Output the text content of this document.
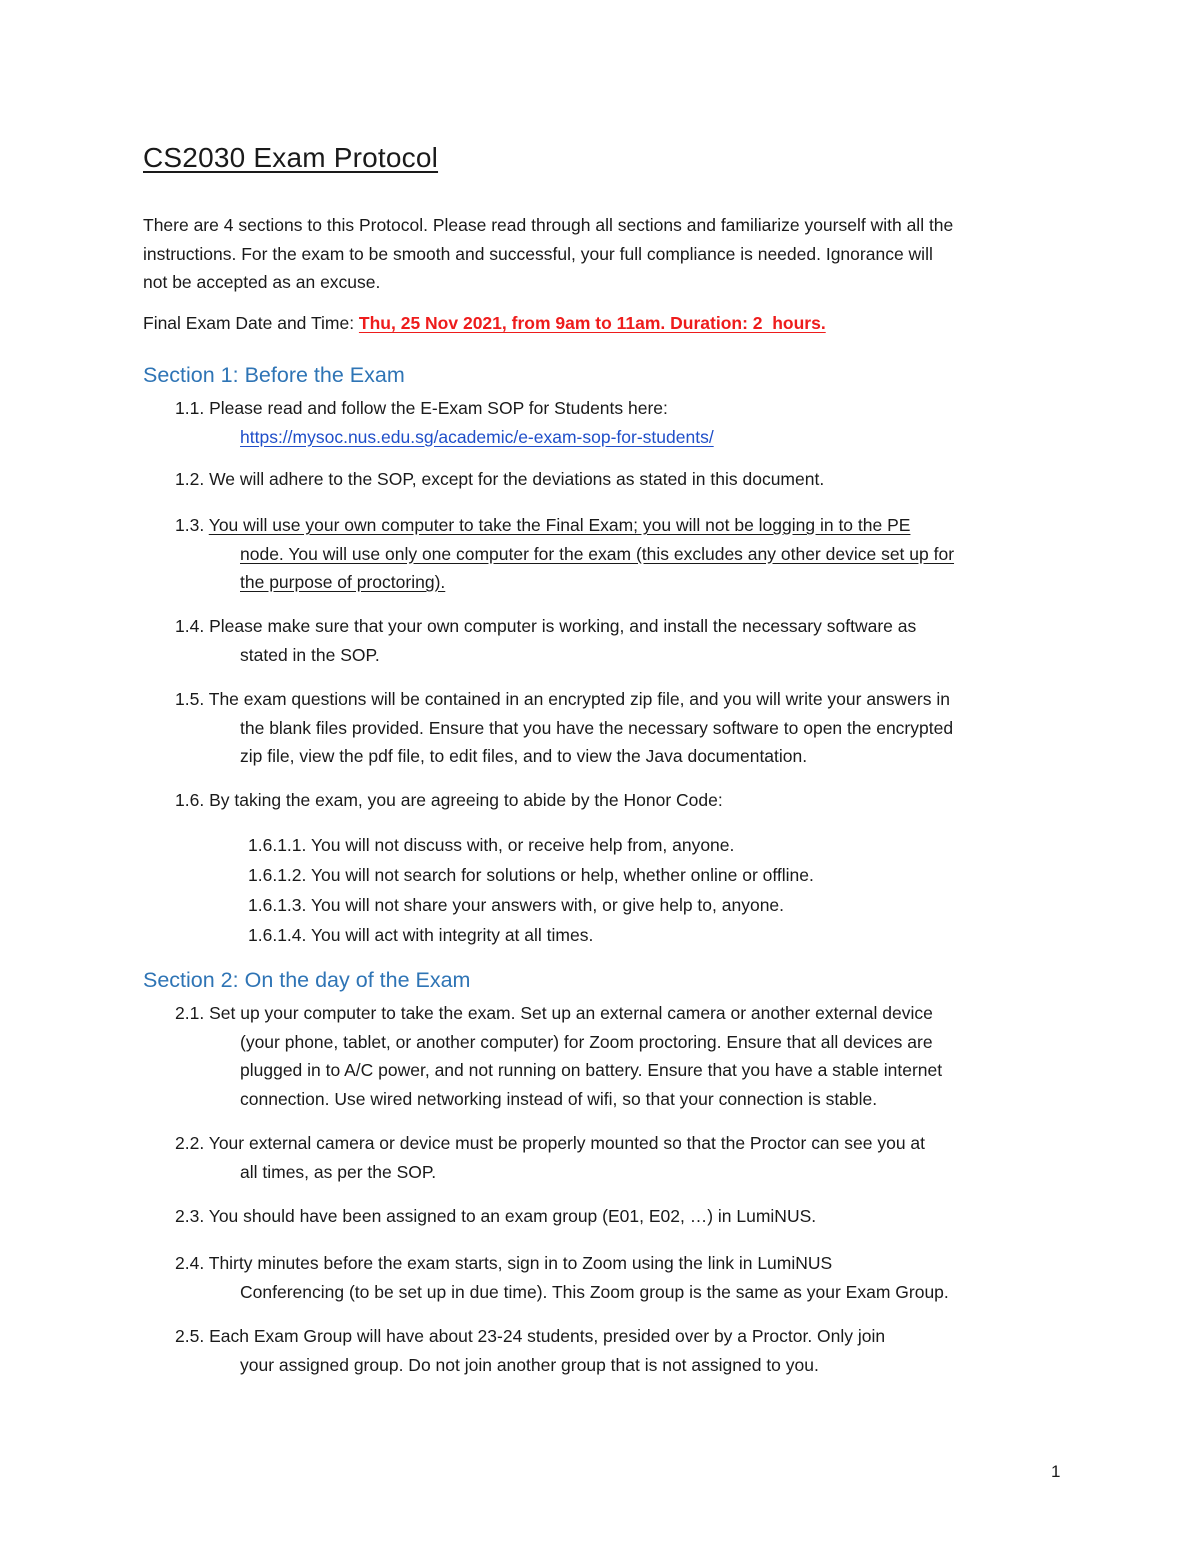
CS2030 Exam Protocol

There are 4 sections to this Protocol. Please read through all sections and familiarize yourself with all the
instructions. For the exam to be smooth and successful, your full compliance is needed. Ignorance will
not be accepted as an excuse.

Final Exam Date and Time: Thu, 25 Nov 2021, from 9am to 11am. Duration: 2  hours.

Section 1: Before the Exam

1.1. Please read and follow the E-Exam SOP for Students here:
https://mysoc.nus.edu.sg/academic/e-exam-sop-for-students/

1.2. We will adhere to the SOP, except for the deviations as stated in this document.

1.3. You will use your own computer to take the Final Exam; you will not be logging in to the PE
node. You will use only one computer for the exam (this excludes any other device set up for
the purpose of proctoring).

1.4. Please make sure that your own computer is working, and install the necessary software as
stated in the SOP.

1.5. The exam questions will be contained in an encrypted zip file, and you will write your answers in
the blank files provided. Ensure that you have the necessary software to open the encrypted
zip file, view the pdf file, to edit files, and to view the Java documentation.

1.6. By taking the exam, you are agreeing to abide by the Honor Code:

1.6.1.1. You will not discuss with, or receive help from, anyone.

1.6.1.2. You will not search for solutions or help, whether online or offline.

1.6.1.3. You will not share your answers with, or give help to, anyone.

1.6.1.4. You will act with integrity at all times.

Section 2: On the day of the Exam

2.1. Set up your computer to take the exam. Set up an external camera or another external device
(your phone, tablet, or another computer) for Zoom proctoring. Ensure that all devices are
plugged in to A/C power, and not running on battery. Ensure that you have a stable internet
connection. Use wired networking instead of wifi, so that your connection is stable.

2.2. Your external camera or device must be properly mounted so that the Proctor can see you at
all times, as per the SOP.

2.3. You should have been assigned to an exam group (E01, E02, …) in LumiNUS.

2.4. Thirty minutes before the exam starts, sign in to Zoom using the link in LumiNUS
Conferencing (to be set up in due time). This Zoom group is the same as your Exam Group.

2.5. Each Exam Group will have about 23-24 students, presided over by a Proctor. Only join
your assigned group. Do not join another group that is not assigned to you.

1
